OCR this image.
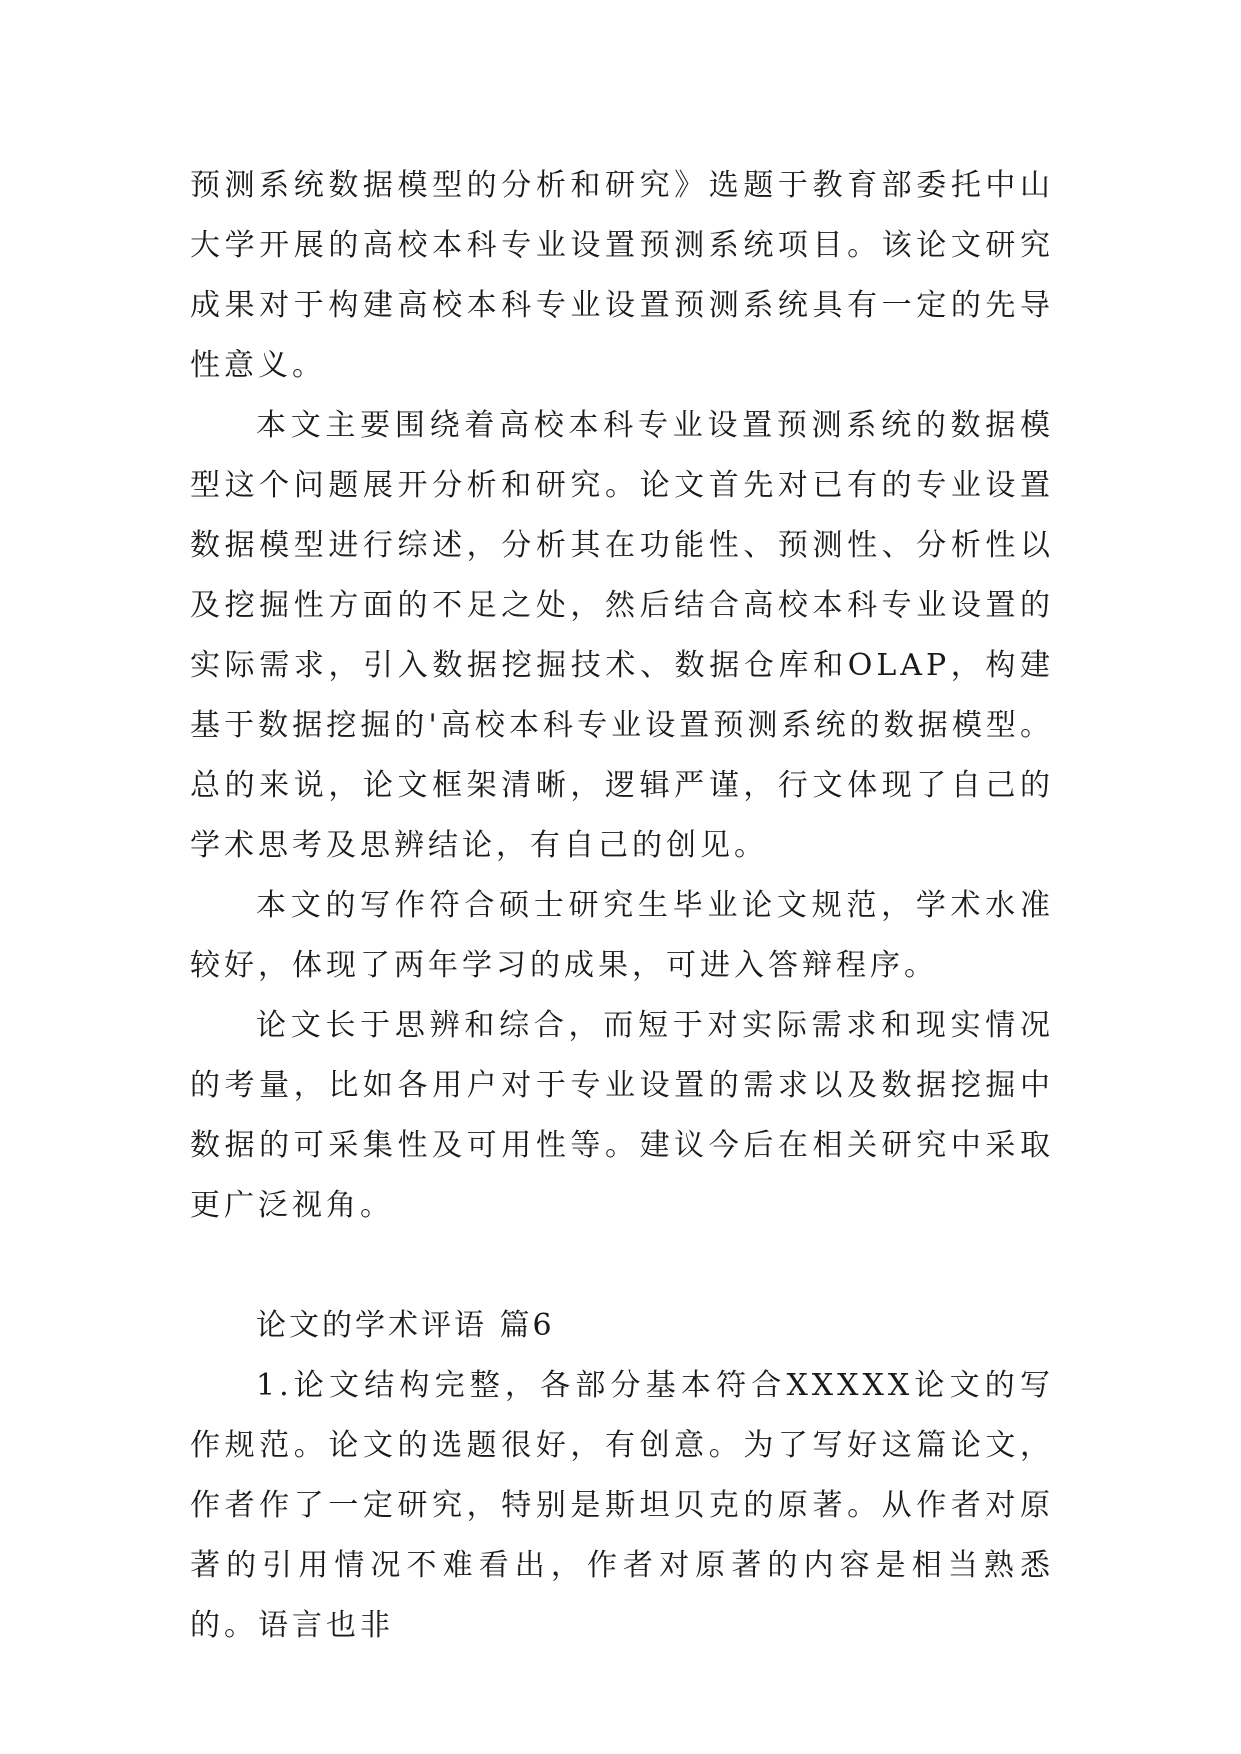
预测系统数据模型的分析和研究》选题于教育部委托中山大学开展的高校本科专业设置预测系统项目。该论文研究成果对于构建高校本科专业设置预测系统具有一定的先导性意义。

本文主要围绕着高校本科专业设置预测系统的数据模型这个问题展开分析和研究。论文首先对已有的专业设置数据模型进行综述，分析其在功能性、预测性、分析性以及挖掘性方面的不足之处，然后结合高校本科专业设置的实际需求，引入数据挖掘技术、数据仓库和OLAP，构建基于数据挖掘的'高校本科专业设置预测系统的数据模型。总的来说，论文框架清晰，逻辑严谨，行文体现了自己的学术思考及思辨结论，有自己的创见。

本文的写作符合硕士研究生毕业论文规范，学术水准较好，体现了两年学习的成果，可进入答辩程序。

论文长于思辨和综合，而短于对实际需求和现实情况的考量，比如各用户对于专业设置的需求以及数据挖掘中数据的可采集性及可用性等。建议今后在相关研究中采取更广泛视角。

论文的学术评语 篇6

1.论文结构完整，各部分基本符合XXXXX论文的写作规范。论文的选题很好，有创意。为了写好这篇论文，作者作了一定研究，特别是斯坦贝克的原著。从作者对原著的引用情况不难看出，作者对原著的内容是相当熟悉的。语言也非
